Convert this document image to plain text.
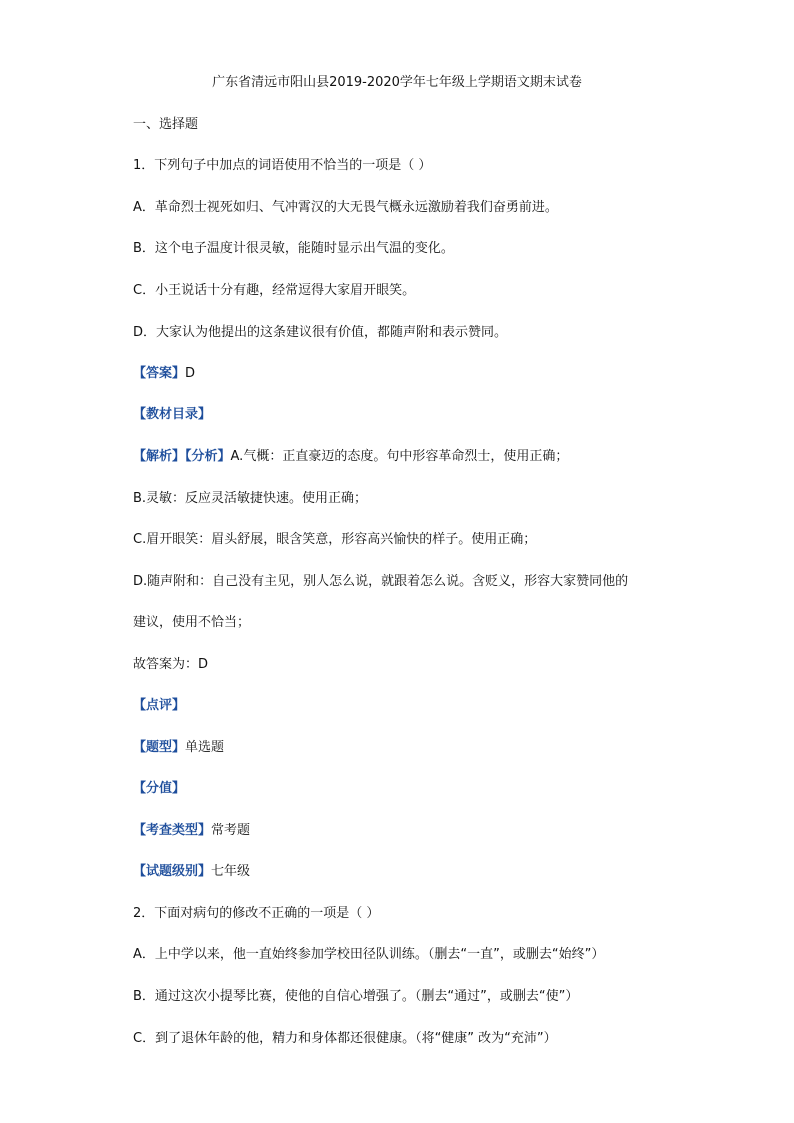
广东省清远市阳山县2019-2020学年七年级上学期语文期末试卷
一、选择题
1．下列句子中加点的词语使用不恰当的一项是（ ）
A．革命烈士视死如归、气冲霄汉的大无畏气概永远激励着我们奋勇前进。
B．这个电子温度计很灵敏，能随时显示出气温的变化。
C．小王说话十分有趣，经常逗得大家眉开眼笑。
D．大家认为他提出的这条建议很有价值，都随声附和表示赞同。
【答案】D
【教材目录】
【解析】【分析】A.气概：正直豪迈的态度。句中形容革命烈士，使用正确；
B.灵敏：反应灵活敏捷快速。使用正确；
C.眉开眼笑：眉头舒展，眼含笑意，形容高兴愉快的样子。使用正确；
D.随声附和：自己没有主见，别人怎么说，就跟着怎么说。含贬义，形容大家赞同他的
建议，使用不恰当；
故答案为：D
【点评】
【题型】单选题
【分值】
【考查类型】常考题
【试题级别】七年级
2．下面对病句的修改不正确的一项是（ ）
A．上中学以来，他一直始终参加学校田径队训练。（删去“一直”，或删去“始终”）
B．通过这次小提琴比赛，使他的自信心增强了。（删去“通过”，或删去“使”）
C．到了退休年龄的他，精力和身体都还很健康。（将“健康” 改为“充沛”）
